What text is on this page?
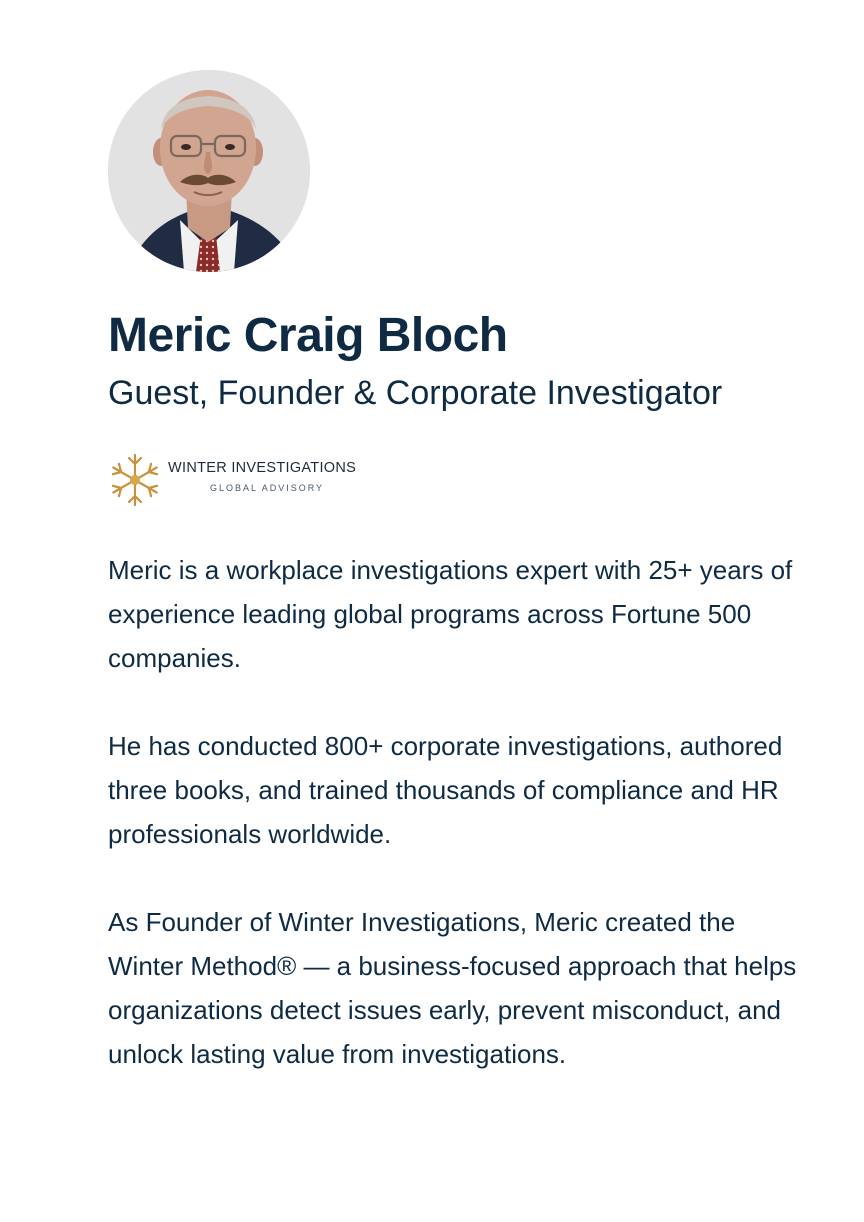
Meric Craig Bloch
Guest, Founder & Corporate Investigator
WINTER INVESTIGATIONS
GLOBAL ADVISORY

Meric is a workplace investigations expert with 25+ years of experience leading global programs across Fortune 500 companies.

He has conducted 800+ corporate investigations, authored three books, and trained thousands of compliance and HR professionals worldwide.

As Founder of Winter Investigations, Meric created the Winter Method® — a business-focused approach that helps organizations detect issues early, prevent misconduct, and unlock lasting value from investigations.
